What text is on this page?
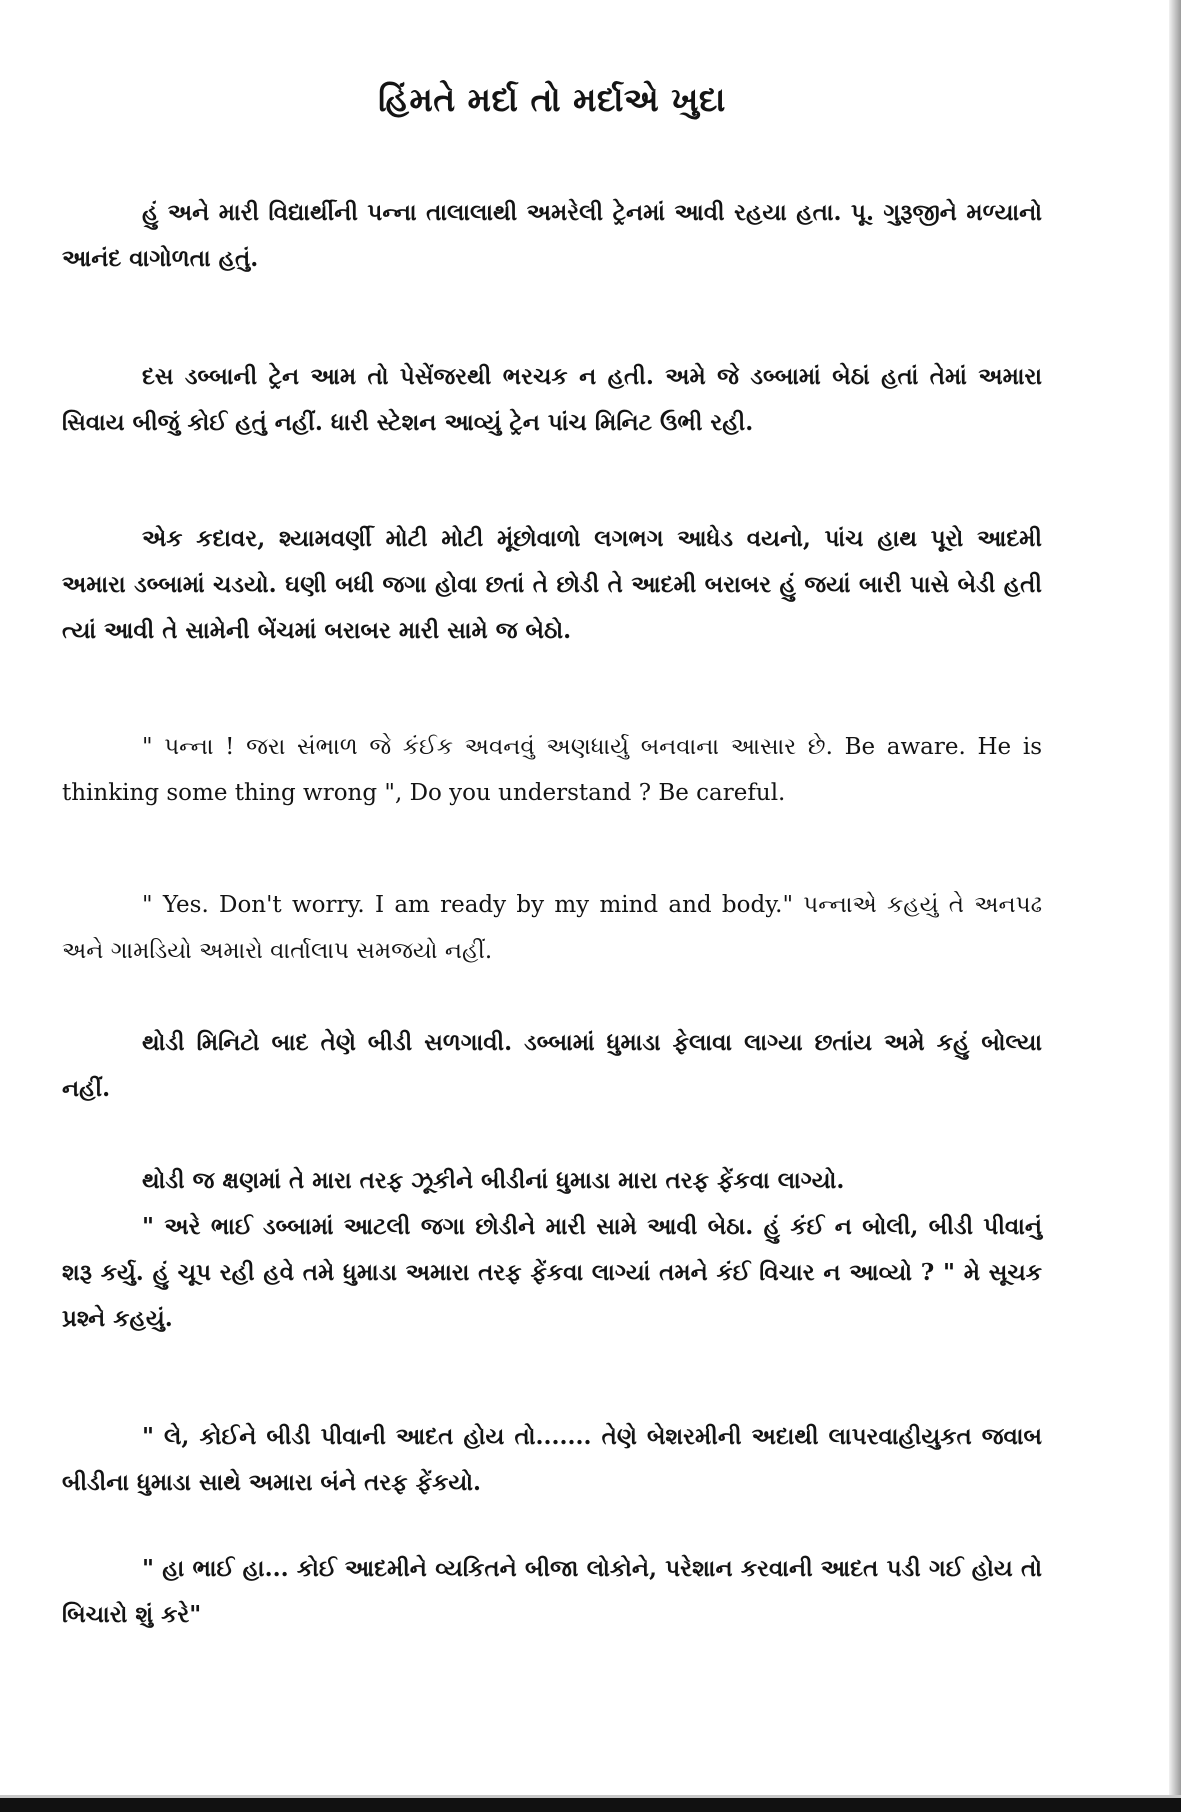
હિંમતે મર્દા તો મર્દાએ ખુદા

હું અને મારી વિદ્યાર્થીની પન્ના તાલાલાથી અમરેલી ટ્રેનમાં આવી રહયા હતા. પૂ. ગુરૂજીને મળ્યાનો આનંદ વાગોળતા હતું.

દસ ડબ્બાની ટ્રેન આમ તો પેસેંજરથી ભરચક ન હતી. અમે જે ડબ્બામાં બેઠાં હતાં તેમાં અમારા સિવાય બીજું કોઈ હતું નહીં. ધારી સ્ટેશન આવ્યું ટ્રેન પાંચ મિનિટ ઉભી રહી.

એક કદાવર, શ્યામવર્ણી મોટી મોટી મૂંછોવાળો લગભગ આધેડ વયનો, પાંચ હાથ પૂરો આદમી અમારા ડબ્બામાં ચડયો. ઘણી બધી જગા હોવા છતાં તે છોડી તે આદમી બરાબર હું જયાં બારી પાસે બેડી હતી ત્યાં આવી તે સામેની બેંચમાં બરાબર મારી સામે જ બેઠો.

" પન્ના ! જરા સંભાળ જે કંઈક અવનવું અણધાર્યુ બનવાના આસાર છે. Be aware. He is thinking some thing wrong ", Do you understand ? Be careful.

" Yes. Don't worry. I am ready by my mind and body." પન્નાએ કહયું તે અનપઢ અને ગામડિયો અમારો વાર્તાલાપ સમજયો નહીં.

થોડી મિનિટો બાદ તેણે બીડી સળગાવી. ડબ્બામાં ધુમાડા ફેલાવા લાગ્યા છતાંય અમે કહું બોલ્યા નહીં.

થોડી જ ક્ષણમાં તે મારા તરફ ઝૂકીને બીડીનાં ધુમાડા મારા તરફ ફેંકવા લાગ્યો.

" અરે ભાઈ ડબ્બામાં આટલી જગા છોડીને મારી સામે આવી બેઠા. હું કંઈ ન બોલી, બીડી પીવાનું શરૂ કર્યુ. હું ચૂપ રહી હવે તમે ધુમાડા અમારા તરફ ફેંકવા લાગ્યાં તમને કંઈ વિચાર ન આવ્યો ? " મે સૂચક પ્રશ્ને કહયું.

" લે, કોઈને બીડી પીવાની આદત હોય તો....... તેણે બેશરમીની અદાથી લાપરવાહીયુકત જવાબ બીડીના ધુમાડા સાથે અમારા બંને તરફ ફેંકયો.

" હા ભાઈ હા... કોઈ આદમીને વ્યકિતને બીજા લોકોને, પરેશાન કરવાની આદત પડી ગઈ હોય તો બિચારો શું કરે"
